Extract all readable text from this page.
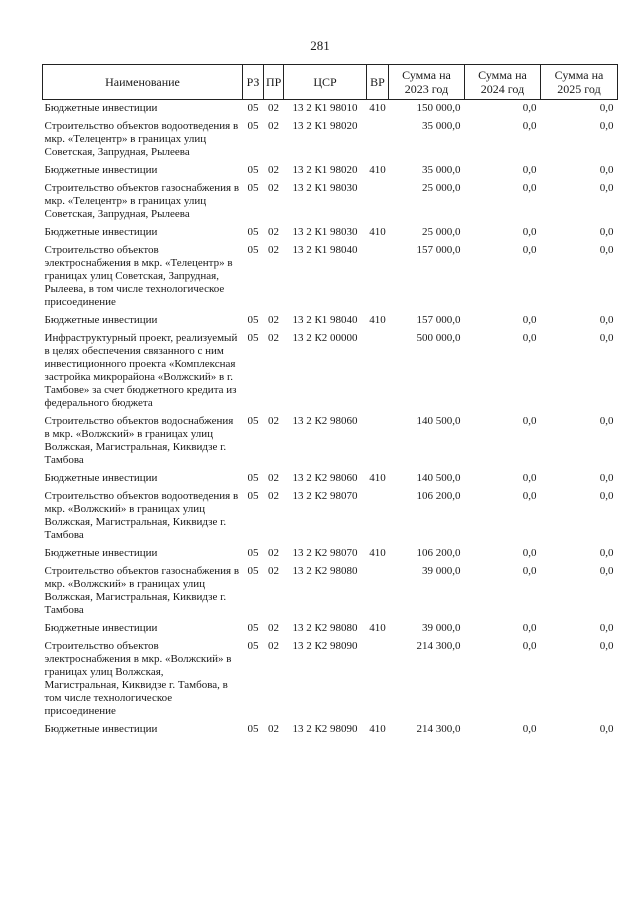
281
Наименование	РЗ	ПР	ЦСР	ВР	Сумма на 2023 год	Сумма на 2024 год	Сумма на 2025 год
Бюджетные инвестиции	05	02	13 2 К1 98010	410	150 000,0	0,0	0,0
Строительство объектов водоотведения в мкр. «Телецентр» в границах улиц Советская, Запрудная, Рылеева	05	02	13 2 К1 98020		35 000,0	0,0	0,0
Бюджетные инвестиции	05	02	13 2 К1 98020	410	35 000,0	0,0	0,0
Строительство объектов газоснабжения в мкр. «Телецентр» в границах улиц Советская, Запрудная, Рылеева	05	02	13 2 К1 98030		25 000,0	0,0	0,0
Бюджетные инвестиции	05	02	13 2 К1 98030	410	25 000,0	0,0	0,0
Строительство объектов электроснабжения в мкр. «Телецентр» в границах улиц Советская, Запрудная, Рылеева, в том числе технологическое присоединение	05	02	13 2 К1 98040		157 000,0	0,0	0,0
Бюджетные инвестиции	05	02	13 2 К1 98040	410	157 000,0	0,0	0,0
Инфраструктурный проект, реализуемый в целях обеспечения связанного с ним инвестиционного проекта «Комплексная застройка микрорайона «Волжский» в г. Тамбове» за счет бюджетного кредита из федерального бюджета	05	02	13 2 К2 00000		500 000,0	0,0	0,0
Строительство объектов водоснабжения в мкр. «Волжский» в границах улиц Волжская, Магистральная, Киквидзе г. Тамбова	05	02	13 2 К2 98060		140 500,0	0,0	0,0
Бюджетные инвестиции	05	02	13 2 К2 98060	410	140 500,0	0,0	0,0
Строительство объектов водоотведения в мкр. «Волжский» в границах улиц Волжская, Магистральная, Киквидзе г. Тамбова	05	02	13 2 К2 98070		106 200,0	0,0	0,0
Бюджетные инвестиции	05	02	13 2 К2 98070	410	106 200,0	0,0	0,0
Строительство объектов газоснабжения в мкр. «Волжский» в границах улиц Волжская, Магистральная, Киквидзе г. Тамбова	05	02	13 2 К2 98080		39 000,0	0,0	0,0
Бюджетные инвестиции	05	02	13 2 К2 98080	410	39 000,0	0,0	0,0
Строительство объектов электроснабжения в мкр. «Волжский» в границах улиц Волжская, Магистральная, Киквидзе г. Тамбова, в том числе технологическое присоединение	05	02	13 2 К2 98090		214 300,0	0,0	0,0
Бюджетные инвестиции	05	02	13 2 К2 98090	410	214 300,0	0,0	0,0
